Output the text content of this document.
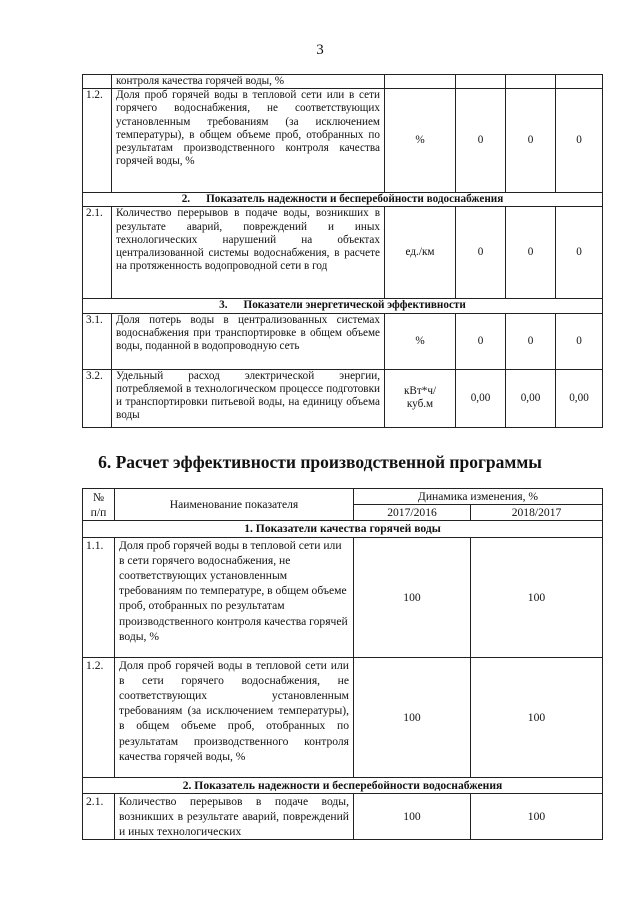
3
	контроля качества горячей воды, %				
1.2.	Доля проб горячей воды в тепловой сети или в сети горячего водоснабжения, не соответствующих установленным требованиям (за исключением температуры), в общем объеме проб, отобранных по результатам производственного контроля качества горячей воды, %	%	0	0	0
2. Показатель надежности и бесперебойности водоснабжения					
2.1.	Количество перерывов в подаче воды, возникших в результате аварий, повреждений и иных технологических нарушений на объектах централизованной системы водоснабжения, в расчете на протяженность водопроводной сети в год	ед./км	0	0	0
3. Показатели энергетической эффективности					
3.1.	Доля потерь воды в централизованных системах водоснабжения при транспортировке в общем объеме воды, поданной в водопроводную сеть	%	0	0	0
3.2.	Удельный расход электрической энергии, потребляемой в технологическом процессе подготовки и транспортировки питьевой воды, на единицу объема воды	кВт*ч/
куб.м	0,00	0,00	0,00
6. Расчет эффективности производственной программы
№
п/п	Наименование показателя	Динамика изменения, %	
		2017/2016	2018/2017
1. Показатели качества горячей воды			
1.1.	Доля проб горячей воды в тепловой сети или в сети горячего водоснабжения, не соответствующих установленным требованиям по температуре, в общем объеме проб, отобранных по результатам производственного контроля качества горячей воды, %	100	100
1.2.	Доля проб горячей воды в тепловой сети или в сети горячего водоснабжения, не соответствующих установленным требованиям (за исключением температуры), в общем объеме проб, отобранных по результатам производственного контроля качества горячей воды, %	100	100
2. Показатель надежности и бесперебойности водоснабжения			
2.1.	Количество перерывов в подаче воды, возникших в результате аварий, повреждений и иных технологических	100	100
